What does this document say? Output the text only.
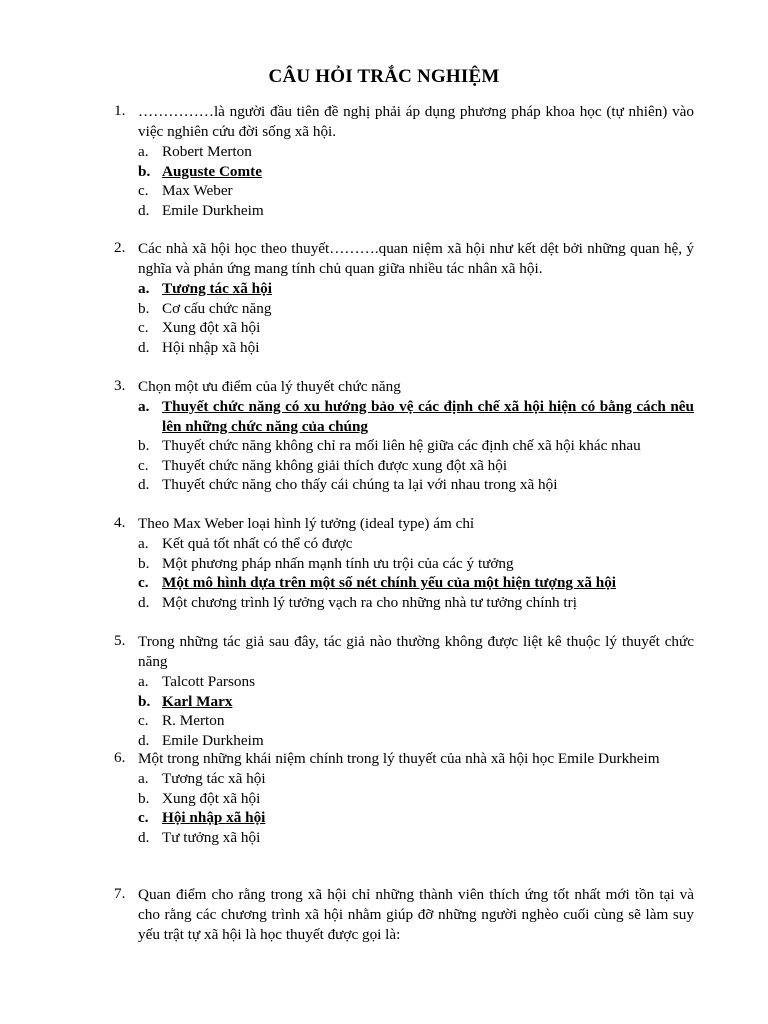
CÂU HỎI TRẮC NGHIỆM
1. ……………là người đầu tiên đề nghị phải áp dụng phương pháp khoa học (tự nhiên) vào việc nghiên cứu đời sống xã hội.
a. Robert Merton
b. Auguste Comte
c. Max Weber
d. Emile Durkheim
2. Các nhà xã hội học theo thuyết……….quan niệm xã hội như kết dệt bởi những quan hệ, ý nghĩa và phản ứng mang tính chủ quan giữa nhiều tác nhân xã hội.
a. Tương tác xã hội
b. Cơ cấu chức năng
c. Xung đột xã hội
d. Hội nhập xã hội
3. Chọn một ưu điểm của lý thuyết chức năng
a. Thuyết chức năng có xu hướng bảo vệ các định chế xã hội hiện có bằng cách nêu lên những chức năng của chúng
b. Thuyết chức năng không chỉ ra mối liên hệ giữa các định chế xã hội khác nhau
c. Thuyết chức năng không giải thích được xung đột xã hội
d. Thuyết chức năng cho thấy cái chúng ta lại với nhau trong xã hội
4. Theo Max Weber loại hình lý tưởng (ideal type) ám chỉ
a. Kết quả tốt nhất có thể có được
b. Một phương pháp nhấn mạnh tính ưu trội của các ý tưởng
c. Một mô hình dựa trên một số nét chính yếu của một hiện tượng xã hội
d. Một chương trình lý tưởng vạch ra cho những nhà tư tưởng chính trị
5. Trong những tác giả sau đây, tác giả nào thường không được liệt kê thuộc lý thuyết chức năng
a. Talcott Parsons
b. Karl Marx
c. R. Merton
d. Emile Durkheim
6. Một trong những khái niệm chính trong lý thuyết của nhà xã hội học Emile Durkheim
a. Tương tác xã hội
b. Xung đột xã hội
c. Hội nhập xã hội
d. Tư tưởng xã hội
7. Quan điểm cho rằng trong xã hội chỉ những thành viên thích ứng tốt nhất mới tồn tại và cho rằng các chương trình xã hội nhằm giúp đỡ những người nghèo cuối cùng sẽ làm suy yếu trật tự xã hội là học thuyết được gọi là:
